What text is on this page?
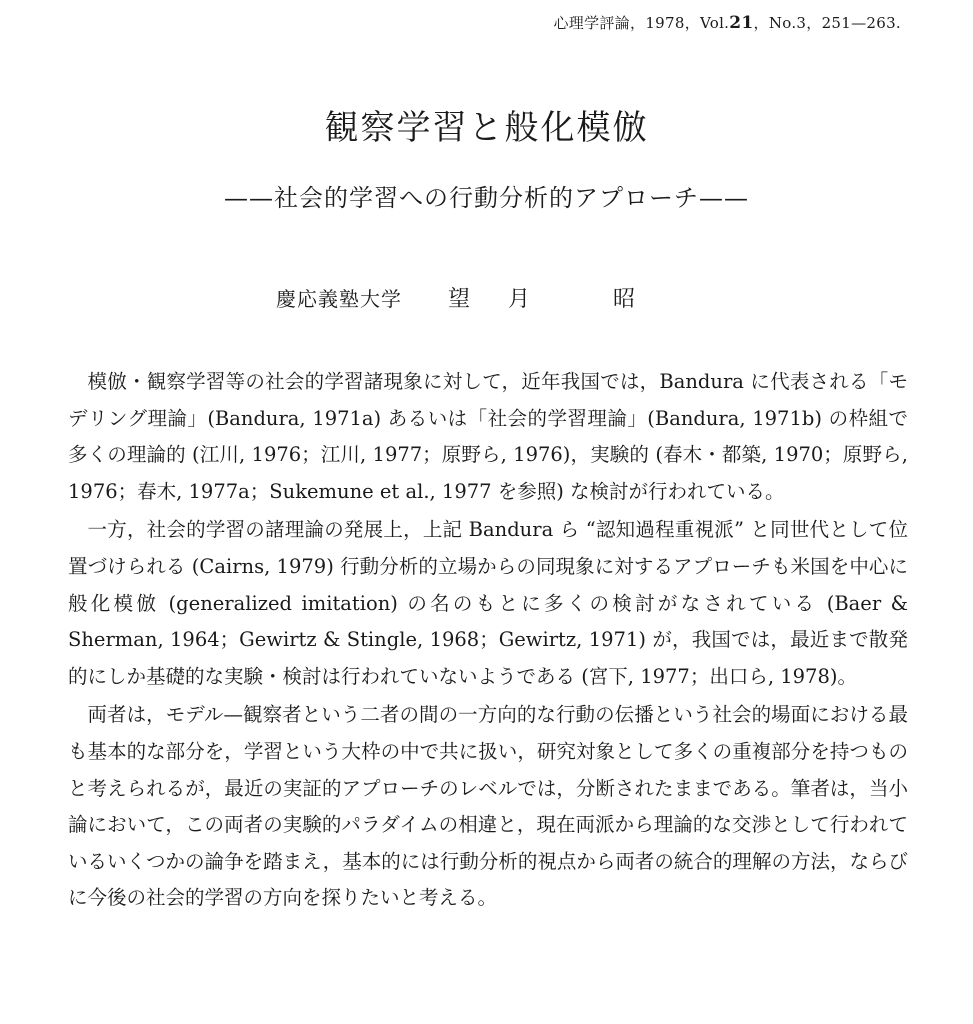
心理学評論，1978，Vol.21，No.3，251—263.
観察学習と般化模倣
——社会的学習への行動分析的アプローチ——
慶応義塾大学 望月 昭

模倣・観察学習等の社会的学習諸現象に対して，近年我国では，Bandura に代表される「モデリング理論」(Bandura, 1971a) あるいは「社会的学習理論」(Bandura, 1971b) の枠組で多くの理論的 (江川, 1976；江川, 1977；原野ら, 1976)，実験的 (春木・都築, 1970；原野ら, 1976；春木, 1977a；Sukemune et al., 1977 を参照) な検討が行われている。

一方，社会的学習の諸理論の発展上，上記 Bandura ら “認知過程重視派” と同世代として位置づけられる (Cairns, 1979) 行動分析的立場からの同現象に対するアプローチも米国を中心に般化模倣 (generalized imitation) の名のもとに多くの検討がなされている (Baer & Sherman, 1964；Gewirtz & Stingle, 1968；Gewirtz, 1971) が，我国では，最近まで散発的にしか基礎的な実験・検討は行われていないようである (宮下, 1977；出口ら, 1978)。

両者は，モデル—観察者という二者の間の一方向的な行動の伝播という社会的場面における最も基本的な部分を，学習という大枠の中で共に扱い，研究対象として多くの重複部分を持つものと考えられるが，最近の実証的アプローチのレベルでは，分断されたままである。筆者は，当小論において，この両者の実験的パラダイムの相違と，現在両派から理論的な交渉として行われているいくつかの論争を踏まえ，基本的には行動分析的視点から両者の統合的理解の方法，ならびに今後の社会的学習の方向を探りたいと考える。
